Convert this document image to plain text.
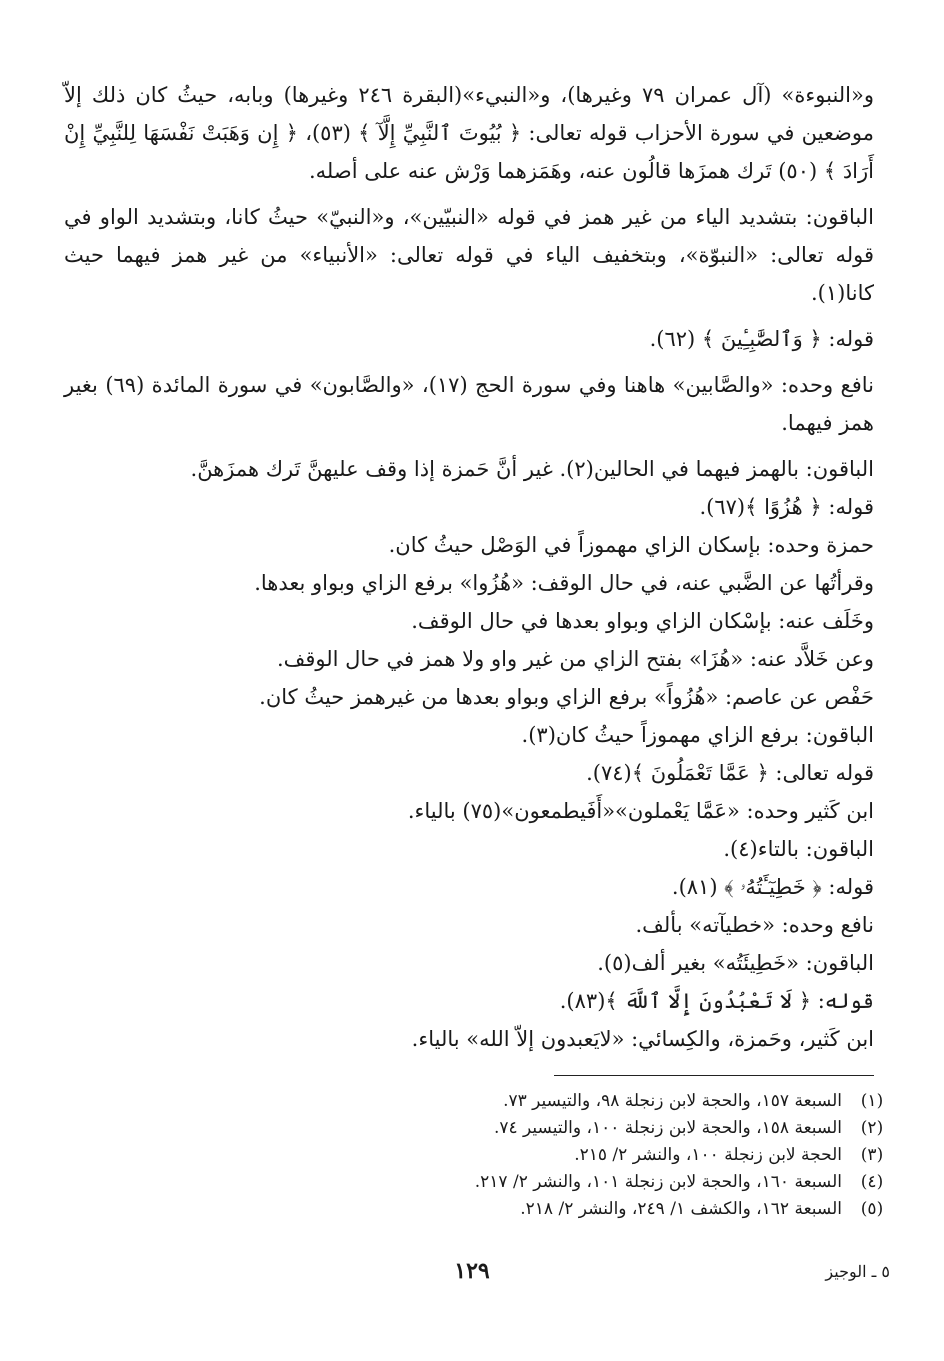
و«النبوءة» (آل عمران ٧٩ وغيرها)، و«النبيء»(البقرة ٢٤٦ وغيرها) وبابه، حيثُ كان ذلك إلاّ موضعين في سورة الأحزاب قوله تعالى: ﴿ بُيُوتَ ٱلنَّبِيِّ إِلَّآ ﴾ (٥٣)، ﴿ إِن وَهَبَتْ نَفْسَهَا لِلنَّبِيِّ إِنْ أَرَادَ ﴾ (٥٠) تَرك همزَها قالُون عنه، وهَمَزهما وَرْش عنه على أصله.

الباقون: بتشديد الياء من غير همز في قوله «النبيّين»، و«النبيّ» حيثُ كانا، وبتشديد الواو في قوله تعالى: «النبوّة»، وبتخفيف الياء في قوله تعالى: «الأنبياء» من غير همز فيهما حيث كانا(١).

قوله: ﴿ وَٱلصَّٰبِـِٔينَ ﴾ (٦٢).

نافع وحده: «والصَّابين» هاهنا وفي سورة الحج (١٧)، «والصَّابون» في سورة المائدة (٦٩) بغير همز فيهما.

الباقون: بالهمز فيهما في الحالين(٢). غير أنَّ حَمزة إذا وقف عليهنَّ تَرك همزَهنَّ.

قوله: ﴿ هُزُوًا ﴾(٦٧).

حمزة وحده: بإسكان الزاي مهموزاً في الوَصْل حيثُ كان.

وقرأتُها عن الضَّبي عنه، في حال الوقف: «هُزُوا» برفع الزاي وبواو بعدها.

وخَلَف عنه: بإسْكان الزاي وبواو بعدها في حال الوقف.

وعن خَلاَّد عنه: «هُزَا» بفتح الزاي من غير واو ولا همز في حال الوقف.

حَفْص عن عاصم: «هُزُواً» برفع الزاي وبواو بعدها من غيرهمز حيثُ كان.

الباقون: برفع الزاي مهموزاً حيثُ كان(٣).

قوله تعالى: ﴿ عَمَّا تَعْمَلُونَ ﴾(٧٤).

ابن كَثير وحده: «عَمَّا يَعْملون»«أَفَيطمعون»(٧٥) بالياء.

الباقون: بالتاء(٤).

قوله: ﴿ خَطِيٓـَٔتُهُۥ ﴾ (٨١).

نافع وحده: «خطيآته» بألف.

الباقون: «خَطِيئَتُه» بغير ألف(٥).

قوله: ﴿ لَا تَعْبُدُونَ إِلَّا ٱللَّهَ ﴾(٨٣).

ابن كَثير، وحَمزة، والكِسائي: «لايَعبدون إلاّ الله» بالياء.

(١)
السبعة ١٥٧، والحجة لابن زنجلة ٩٨، والتيسير ٧٣.
(٢)
السبعة ١٥٨، والحجة لابن زنجلة ١٠٠، والتيسير ٧٤.
(٣)
الحجة لابن زنجلة ١٠٠، والنشر ٢/ ٢١٥.
(٤)
السبعة ١٦٠، والحجة لابن زنجلة ١٠١، والنشر ٢/ ٢١٧.
(٥)
السبعة ١٦٢، والكشف ١/ ٢٤٩، والنشر ٢/ ٢١٨.
١٢٩	٥ ـ الوجيز
